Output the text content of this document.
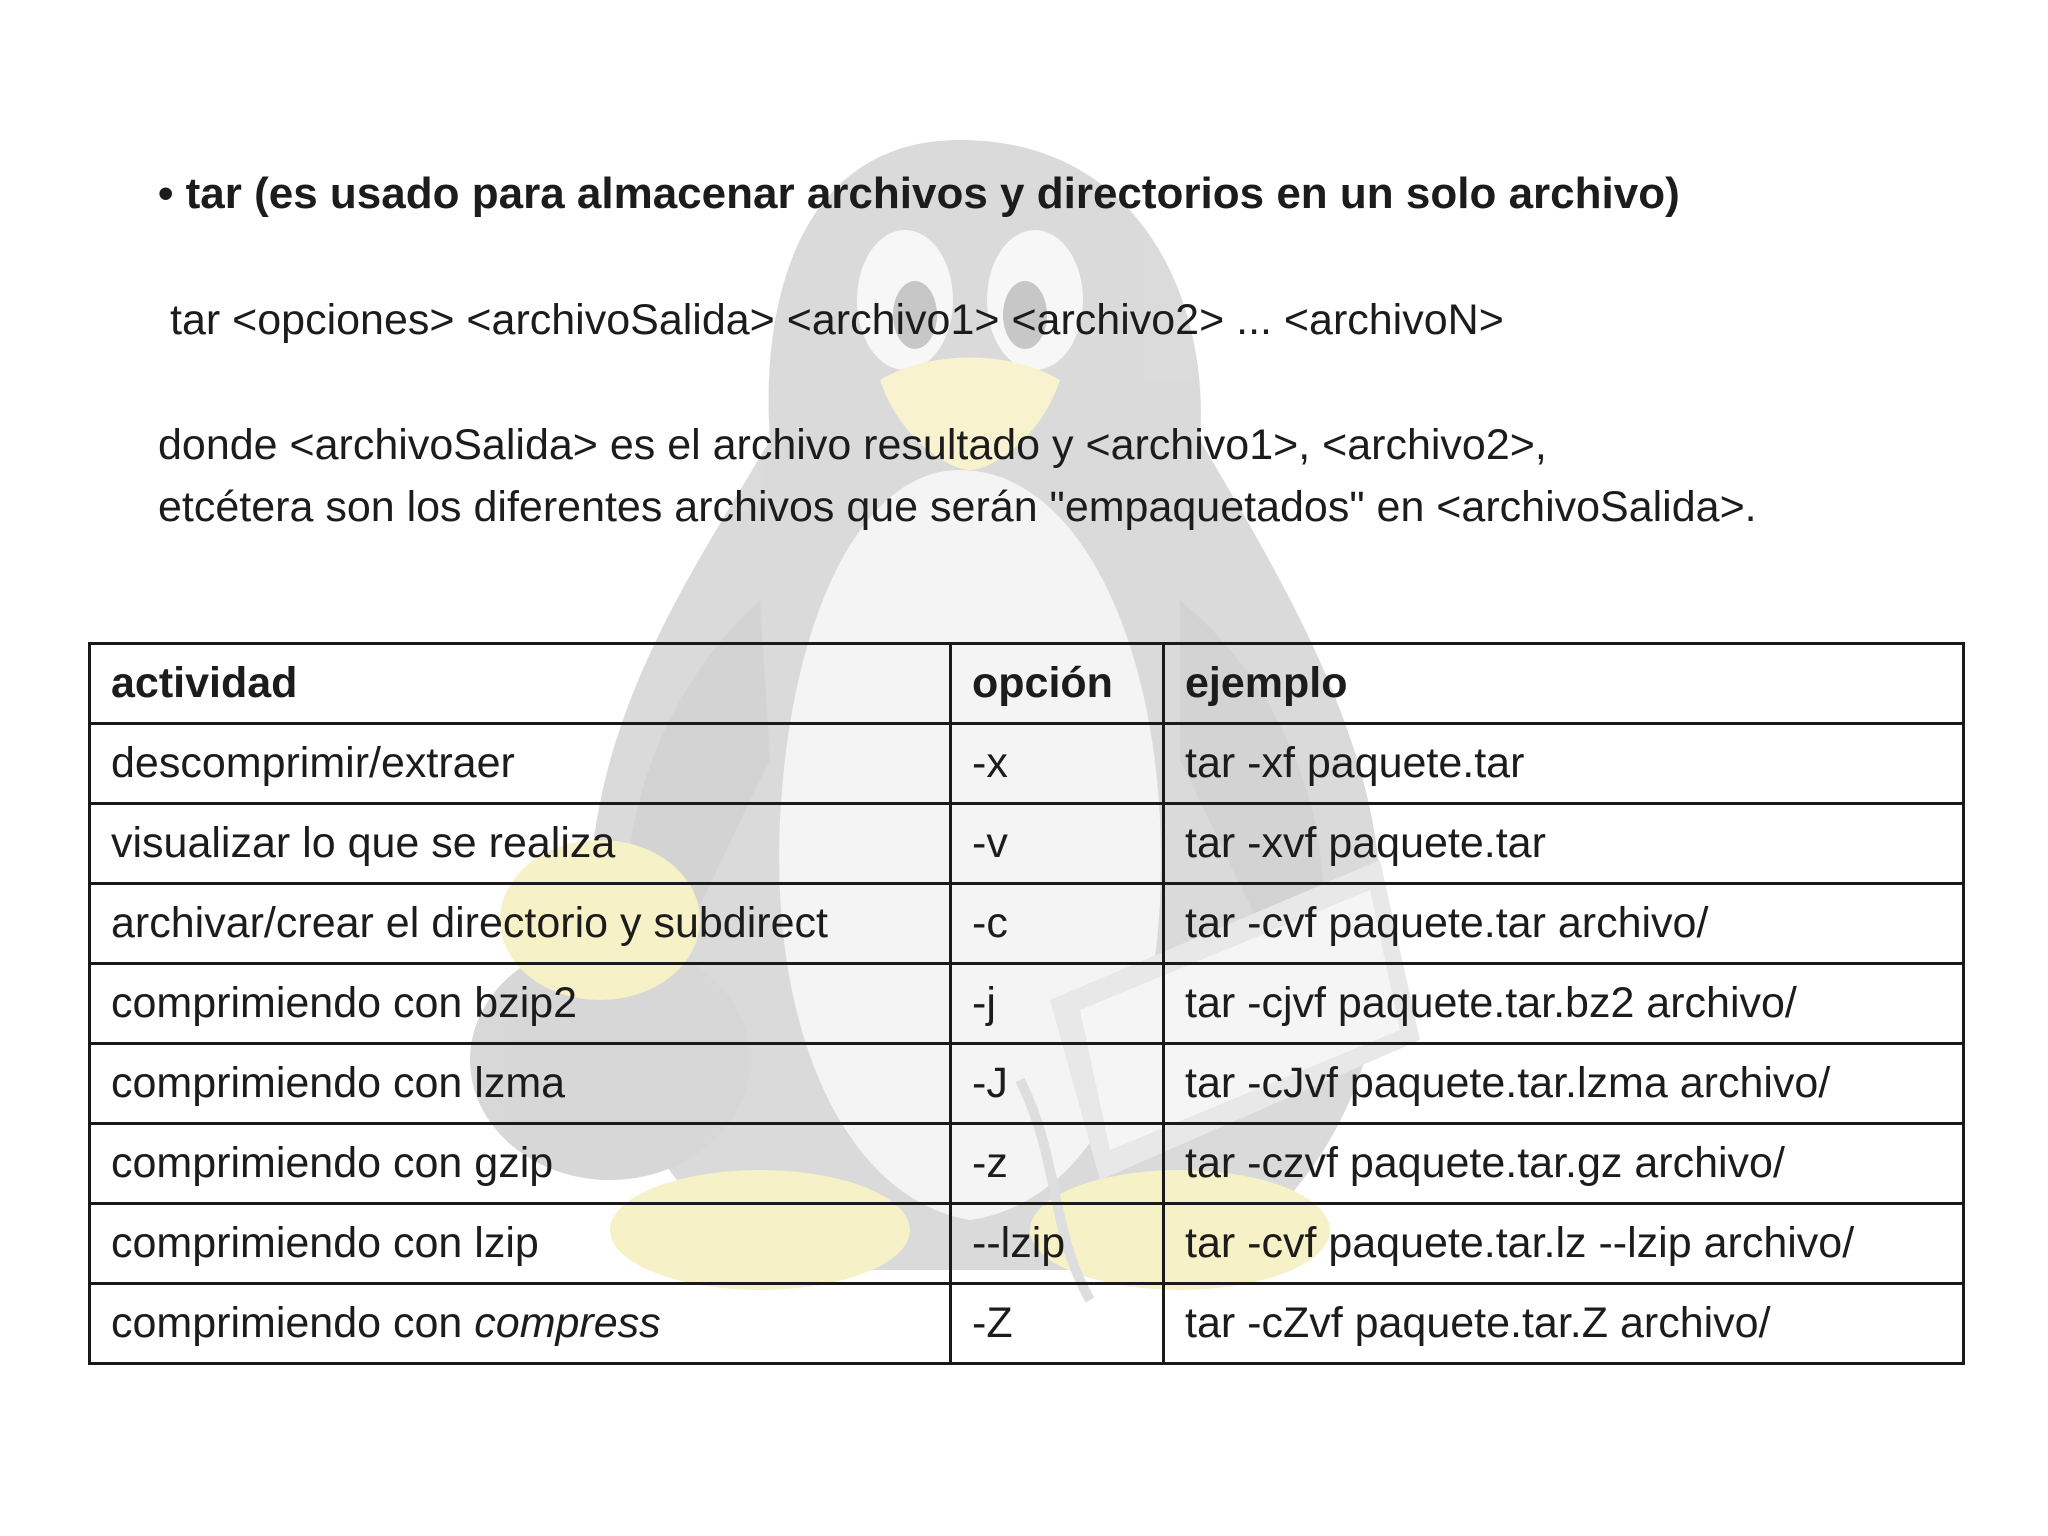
• tar (es usado para almacenar archivos y directorios en un solo archivo)
tar <opciones> <archivoSalida> <archivo1> <archivo2> ... <archivoN>
donde <archivoSalida> es el archivo resultado y <archivo1>, <archivo2>,
etcétera son los diferentes archivos que serán "empaquetados" en <archivoSalida>.
actividad	opción	ejemplo
descomprimir/extraer	-x	tar -xf paquete.tar
visualizar lo que se realiza	-v	tar -xvf paquete.tar
archivar/crear el directorio y subdirect	-c	tar -cvf paquete.tar archivo/
comprimiendo con bzip2	-j	tar -cjvf paquete.tar.bz2 archivo/
comprimiendo con lzma	-J	tar -cJvf paquete.tar.lzma archivo/
comprimiendo con gzip	-z	tar -czvf paquete.tar.gz archivo/
comprimiendo con lzip	--lzip	tar -cvf paquete.tar.lz --lzip archivo/
comprimiendo con compress	-Z	tar -cZvf paquete.tar.Z archivo/
